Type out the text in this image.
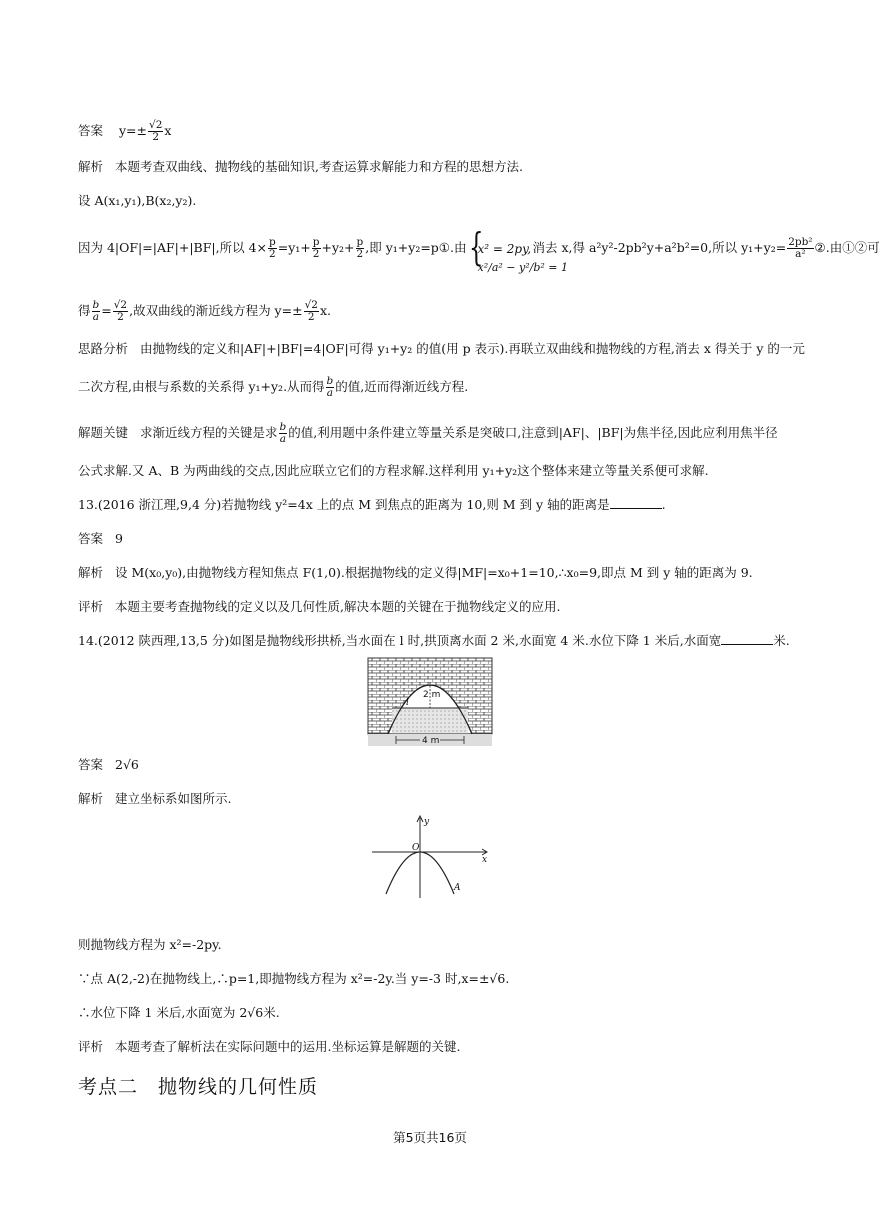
答案 $y=\pm \frac{√2}{2}$ x
解析 本题考查双曲线、抛物线的基础知识,考查运算求解能力和方程的思想方法.
设 A(x₁,y₁),B(x₂,y₂).
因为 4|OF|=|AF|+|BF|,所以 $4\times \frac{p}{2} =y_1+ \frac{p}{2} +y_2+ \frac{p}{2}$ ,即 y₁+y₂=p①.由 {
x² = 2py,
x²/a² − y²/b² = 1
消去 x,得 a²y²-2pb²y+a²b²=0,所以 $y_1+y_2= \frac{\text{2pb²}}{\text{a²}}$ ②.由①②可
得 $\frac{b}{a} = \frac{√2}{2}$ ,故双曲线的渐近线方程为 $y=\pm \frac{√2}{2} x$.
思路分析 由抛物线的定义和|AF|+|BF|=4|OF|可得 y₁+y₂ 的值(用 p 表示).再联立双曲线和抛物线的方程,消去 x 得关于 y 的一元
二次方程,由根与系数的关系得 y₁+y₂.从而得 $\frac{b}{a}$ 的值,近而得渐近线方程.
解题关键 求渐近线方程的关键是求 $\frac{b}{a}$ 的值,利用题中条件建立等量关系是突破口,注意到|AF|、|BF|为焦半径,因此应利用焦半径
公式求解.又 A、B 为两曲线的交点,因此应联立它们的方程求解.这样利用 y₁+y₂这个整体来建立等量关系便可求解.
13.(2016 浙江理,9,4 分)若抛物线 y²=4x 上的点 M 到焦点的距离为 10,则 M 到 y 轴的距离是	.
答案 9
解析 设 M(x₀,y₀),由抛物线方程知焦点 F(1,0).根据抛物线的定义得|MF|=x₀+1=10,∴x₀=9,即点 M 到 y 轴的距离为 9.
评析 本题主要考查抛物线的定义以及几何性质,解决本题的关键在于抛物线定义的应用.
14.(2012 陕西理,13,5 分)如图是抛物线形拱桥,当水面在 l 时,拱顶离水面 2 米,水面宽 4 米.水位下降 1 米后,水面宽	米.
2 m
l
4 m
答案 2√6
解析 建立坐标系如图所示.
y
x
O
A
则抛物线方程为 x²=-2py.
∵点 A(2,-2)在抛物线上,∴p=1,即抛物线方程为 x²=-2y.当 y=-3 时,x=±√6.
∴水位下降 1 米后,水面宽为 2√6米.
评析 本题考查了解析法在实际问题中的运用.坐标运算是解题的关键.
考点二　抛物线的几何性质
第5页共16页
